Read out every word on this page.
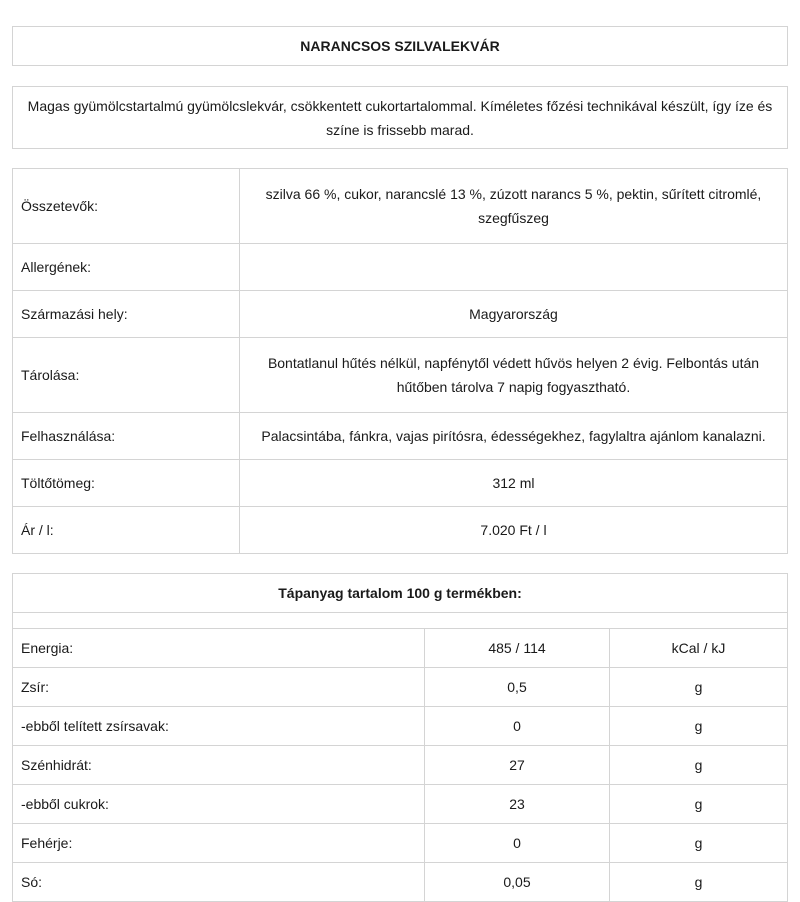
NARANCSOS SZILVALEKVÁR
Magas gyümölcstartalmú gyümölcslekvár, csökkentett cukortartalommal. Kíméletes főzési technikával készült, így íze és színe is frissebb marad.
Összetevők:	szilva 66 %, cukor, narancslé 13 %, zúzott narancs 5 %, pektin, sűrített citromlé, szegfűszeg
Allergének:	
Származási hely:	Magyarország
Tárolása:	Bontatlanul hűtés nélkül, napfénytől védett hűvös helyen 2 évig. Felbontás után hűtőben tárolva 7 napig fogyasztható.
Felhasználása:	Palacsintába, fánkra, vajas pirítósra, édességekhez, fagylaltra ajánlom kanalazni.
Töltőtömeg:	312 ml
Ár / l:	7.020 Ft / l
Tápanyag tartalom 100 g termékben:		

Energia:	485 / 114	kCal / kJ
Zsír:	0,5	g
-ebből telített zsírsavak:	0	g
Szénhidrát:	27	g
-ebből cukrok:	23	g
Fehérje:	0	g
Só:	0,05	g
